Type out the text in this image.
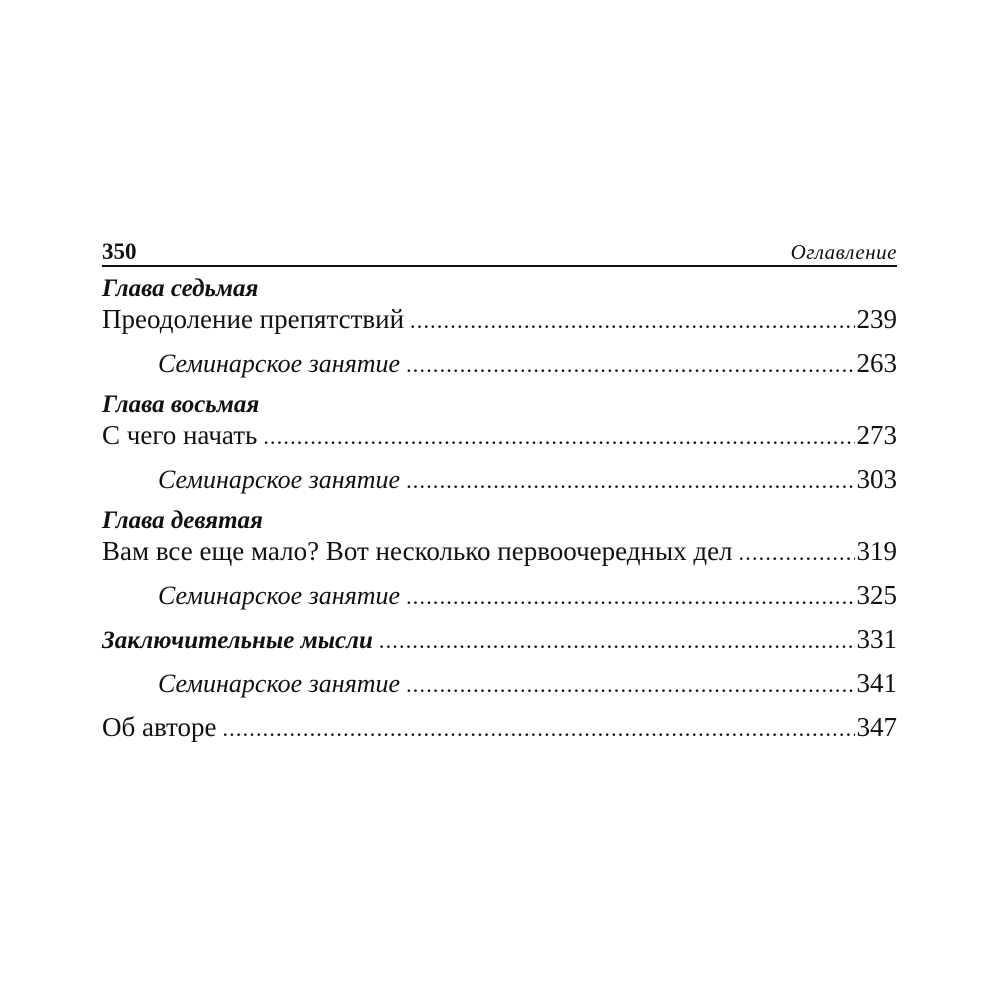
350	Оглавление
Глава седьмая
Преодоление препятствий .....	239
Семинарское занятие .....	263
Глава восьмая
С чего начать .....	273
Семинарское занятие .....	303
Глава девятая
Вам все еще мало? Вот несколько первоочередных дел .....	319
Семинарское занятие .....	325
Заключительные мысли .....	331
Семинарское занятие .....	341
Об авторе .....	347
